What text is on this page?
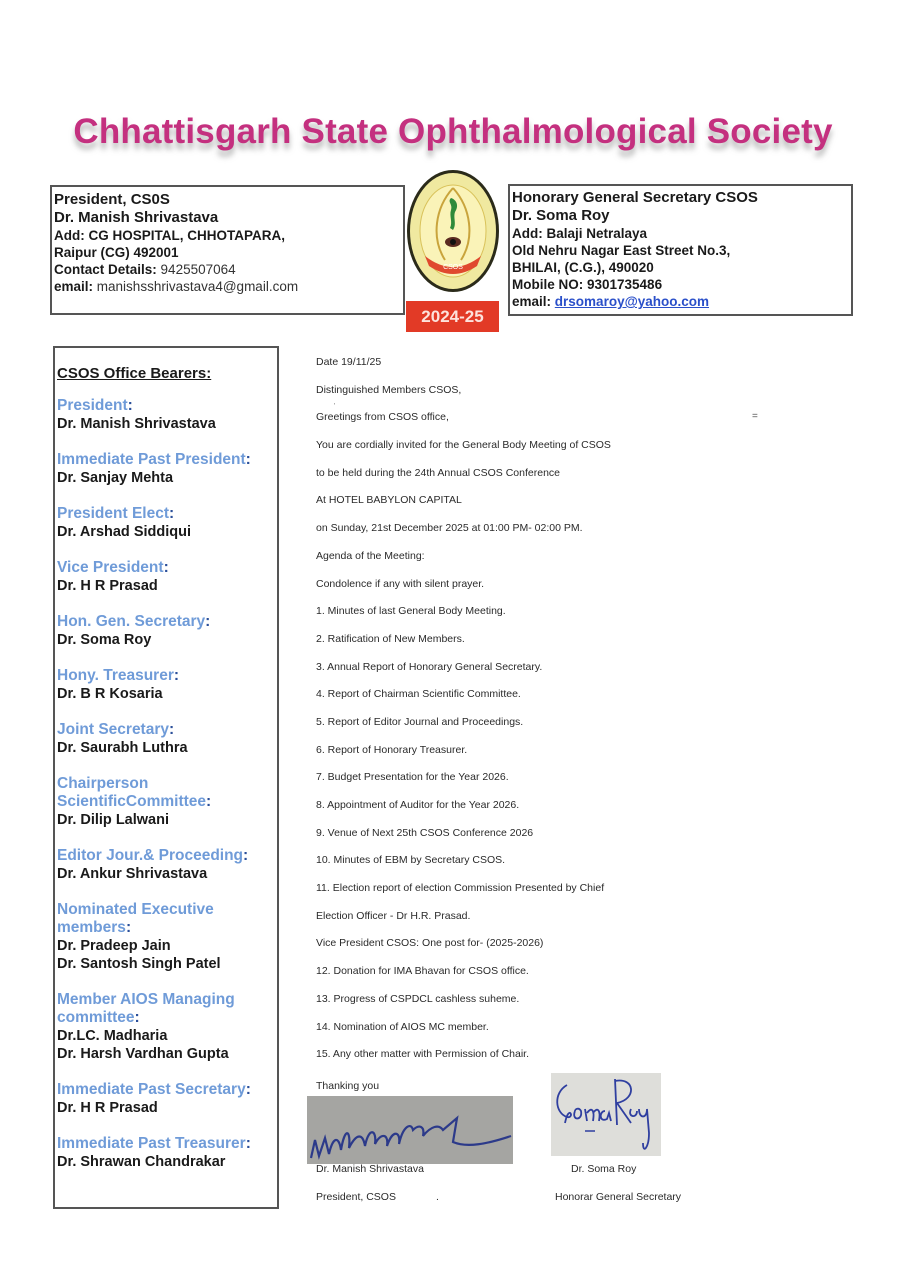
Chhattisgarh State Ophthalmological Society
President, CS0S
Dr. Manish Shrivastava
Add: CG HOSPITAL, CHHOTAPARA,
Raipur (CG) 492001
Contact Details: 9425507064
email: manishsshrivastava4@gmail.com
CSOS
2024-25
Honorary General Secretary CSOS
Dr. Soma Roy
Add: Balaji Netralaya
Old Nehru Nagar East Street No.3,
BHILAI, (C.G.), 490020
Mobile NO: 9301735486
email: drsomaroy@yahoo.com
CSOS Office Bearers:
President:
Dr. Manish Shrivastava
Immediate Past President:
Dr. Sanjay Mehta
President Elect:
Dr. Arshad Siddiqui
Vice President:
Dr. H R Prasad
Hon. Gen. Secretary:
Dr. Soma Roy
Hony. Treasurer:
Dr. B R Kosaria
Joint Secretary:
Dr. Saurabh Luthra
Chairperson ScientificCommittee:
Dr. Dilip Lalwani
Editor Jour.& Proceeding:
Dr. Ankur Shrivastava
Nominated Executive members:
Dr. Pradeep Jain
Dr. Santosh Singh Patel
Member AIOS Managing committee:
Dr.LC. Madharia
Dr. Harsh Vardhan Gupta
Immediate Past Secretary:
Dr. H R Prasad
Immediate Past Treasurer:
Dr. Shrawan Chandrakar
Date 19/11/25
Distinguished Members CSOS,
Greetings from CSOS office,
You are cordially invited for the General Body Meeting of CSOS
to be held during the 24th Annual CSOS Conference
At HOTEL BABYLON CAPITAL
on Sunday, 21st December 2025 at 01:00 PM- 02:00 PM.
Agenda of the Meeting:
Condolence if any with silent prayer.
1. Minutes of last General Body Meeting.
2. Ratification of New Members.
3. Annual Report of Honorary General Secretary.
4. Report of Chairman Scientific Committee.
5. Report of Editor Journal and Proceedings.
6. Report of Honorary Treasurer.
7. Budget Presentation for the Year 2026.
8. Appointment of Auditor for the Year 2026.
9. Venue of Next 25th CSOS Conference 2026
10. Minutes of EBM by Secretary CSOS.
11. Election report of election Commission Presented by Chief
Election Officer - Dr H.R. Prasad.
Vice President CSOS: One post for- (2025-2026)
12. Donation for IMA Bhavan for CSOS office.
13. Progress of CSPDCL cashless suheme.
14. Nomination of AIOS MC member.
15. Any other matter with Permission of Chair.
=
'
Thanking you
Dr. Manish Shrivastava
President, CSOS	.
Dr. Soma Roy
Honorar General Secretary
